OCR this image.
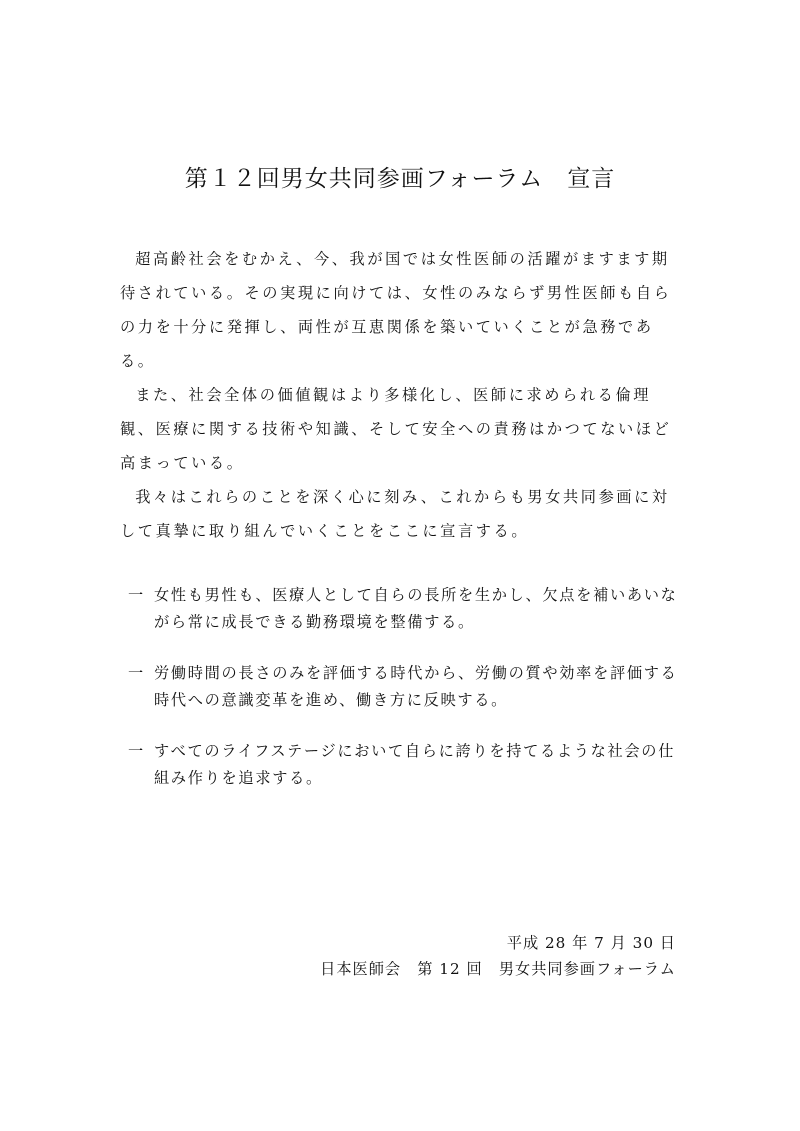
第１２回男女共同参画フォーラム　宣言

超高齢社会をむかえ、今、我が国では女性医師の活躍がますます期待されている。その実現に向けては、女性のみならず男性医師も自らの力を十分に発揮し、両性が互恵関係を築いていくことが急務である。

また、社会全体の価値観はより多様化し、医師に求められる倫理観、医療に関する技術や知識、そして安全への責務はかつてないほど高まっている。

我々はこれらのことを深く心に刻み、これからも男女共同参画に対して真摯に取り組んでいくことをここに宣言する。

一 女性も男性も、医療人として自らの長所を生かし、欠点を補いあいながら常に成長できる勤務環境を整備する。
一 労働時間の長さのみを評価する時代から、労働の質や効率を評価する時代への意識変革を進め、働き方に反映する。
一 すべてのライフステージにおいて自らに誇りを持てるような社会の仕組み作りを追求する。
平成 28 年 7 月 30 日
日本医師会　第 12 回　男女共同参画フォーラム
